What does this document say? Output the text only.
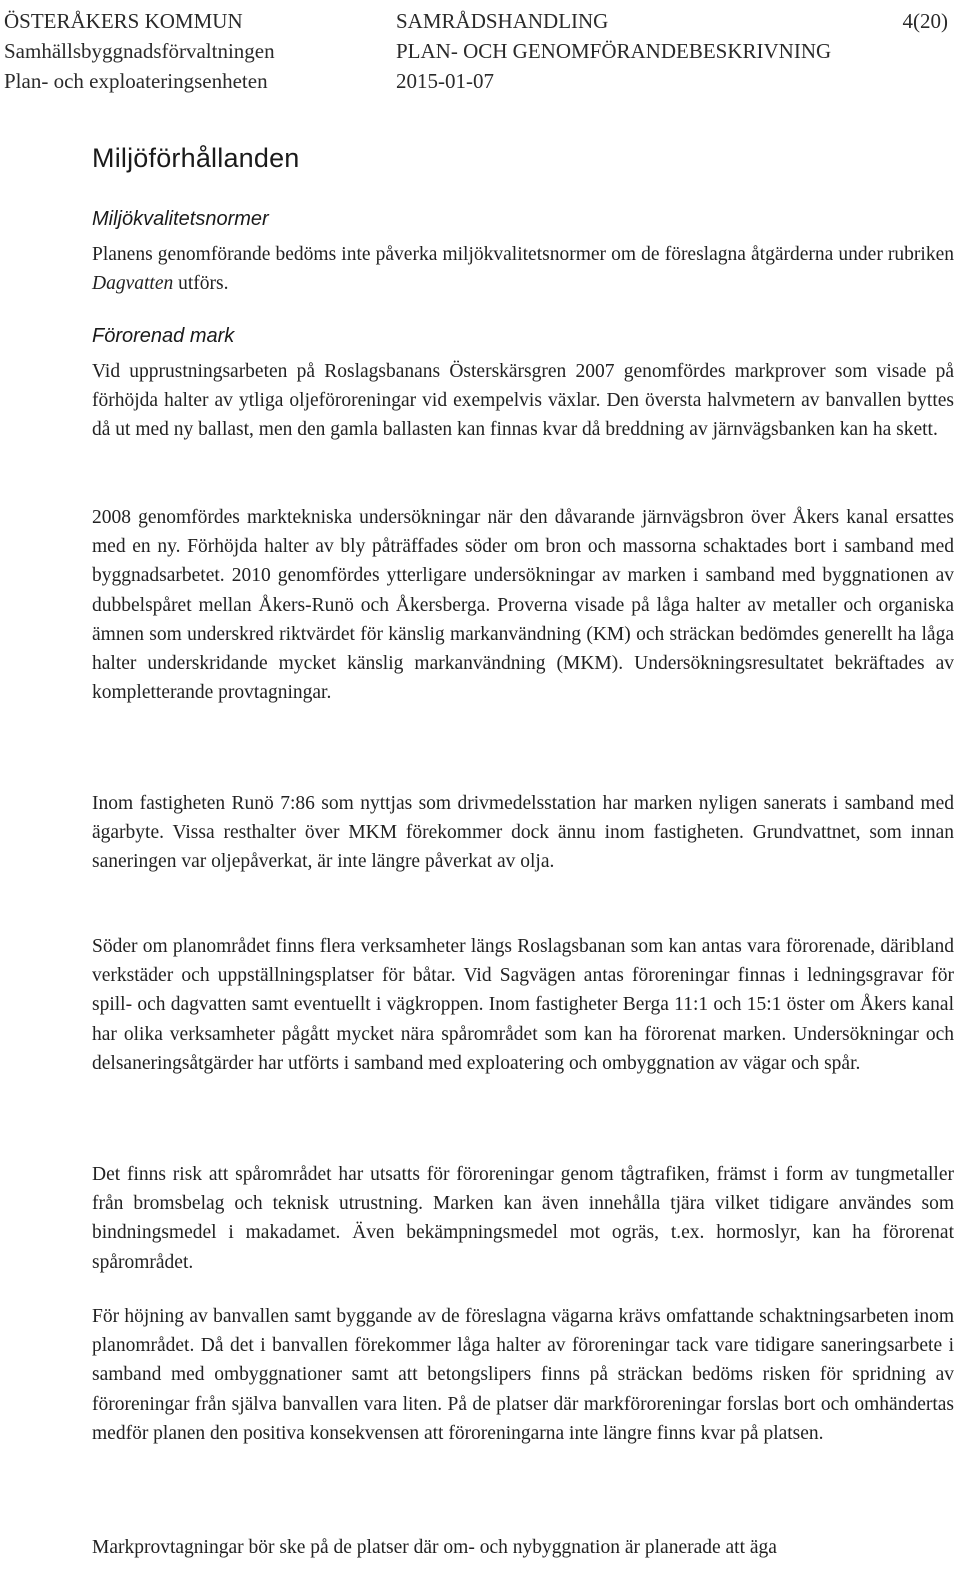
ÖSTERÅKERS KOMMUN
Samhällsbyggnadsförvaltningen
Plan- och exploateringsenheten
SAMRÅDSHANDLING
PLAN- OCH GENOMFÖRANDEBESKRIVNING
2015-01-07
4(20)
Miljöförhållanden
Miljökvalitetsnormer

Planens genomförande bedöms inte påverka miljökvalitetsnormer om de föreslagna åtgärderna under rubriken Dagvatten utförs.

Förorenad mark

Vid upprustningsarbeten på Roslagsbanans Österskärsgren 2007 genomfördes markprover som visade på förhöjda halter av ytliga oljeföroreningar vid exempelvis växlar. Den översta halvmetern av banvallen byttes då ut med ny ballast, men den gamla ballasten kan finnas kvar då breddning av järnvägsbanken kan ha skett.

2008 genomfördes marktekniska undersökningar när den dåvarande järnvägsbron över Åkers kanal ersattes med en ny. Förhöjda halter av bly påträffades söder om bron och massorna schaktades bort i samband med byggnadsarbetet. 2010 genomfördes ytterligare undersökningar av marken i samband med byggnationen av dubbelspåret mellan Åkers-Runö och Åkersberga. Proverna visade på låga halter av metaller och organiska ämnen som underskred riktvärdet för känslig markanvändning (KM) och sträckan bedömdes generellt ha låga halter underskridande mycket känslig markanvändning (MKM). Undersökningsresultatet bekräftades av kompletterande provtagningar.

Inom fastigheten Runö 7:86 som nyttjas som drivmedelsstation har marken nyligen sanerats i samband med ägarbyte. Vissa resthalter över MKM förekommer dock ännu inom fastigheten. Grundvattnet, som innan saneringen var oljepåverkat, är inte längre påverkat av olja.

Söder om planområdet finns flera verksamheter längs Roslagsbanan som kan antas vara förorenade, däribland verkstäder och uppställningsplatser för båtar. Vid Sagvägen antas föroreningar finnas i ledningsgravar för spill- och dagvatten samt eventuellt i vägkroppen. Inom fastigheter Berga 11:1 och 15:1 öster om Åkers kanal har olika verksamheter pågått mycket nära spårområdet som kan ha förorenat marken. Undersökningar och delsaneringsåtgärder har utförts i samband med exploatering och ombyggnation av vägar och spår.

Det finns risk att spårområdet har utsatts för föroreningar genom tågtrafiken, främst i form av tungmetaller från bromsbelag och teknisk utrustning. Marken kan även innehålla tjära vilket tidigare användes som bindningsmedel i makadamet. Även bekämpningsmedel mot ogräs, t.ex. hormoslyr, kan ha förorenat spårområdet.

För höjning av banvallen samt byggande av de föreslagna vägarna krävs omfattande schaktningsarbeten inom planområdet. Då det i banvallen förekommer låga halter av föroreningar tack vare tidigare saneringsarbete i samband med ombyggnationer samt att betongslipers finns på sträckan bedöms risken för spridning av föroreningar från själva banvallen vara liten. På de platser där markföroreningar forslas bort och omhändertas medför planen den positiva konsekvensen att föroreningarna inte längre finns kvar på platsen.

Markprovtagningar bör ske på de platser där om- och nybyggnation är planerade att äga
